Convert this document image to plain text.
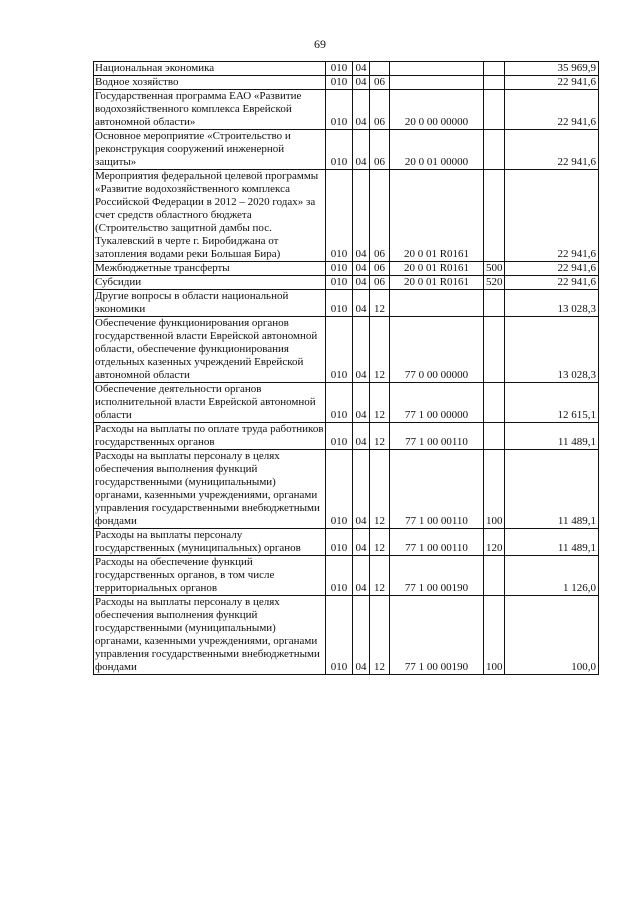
69
Национальная экономика	010	04				35 969,9
Водное хозяйство	010	04	06			22 941,6
Государственная программа ЕАО «Развитие водохозяйственного комплекса Еврейской автономной области»	010	04	06	20 0 00 00000		22 941,6
Основное мероприятие «Строительство и реконструкция сооружений инженерной защиты»	010	04	06	20 0 01 00000		22 941,6
Мероприятия федеральной целевой программы «Развитие водохозяйственного комплекса Российской Федерации в 2012 – 2020 годах» за счет средств областного бюджета (Строительство защитной дамбы пос. Тукалевский в черте г. Биробиджана от затопления водами реки Большая Бира)	010	04	06	20 0 01 R0161		22 941,6
Межбюджетные трансферты	010	04	06	20 0 01 R0161	500	22 941,6
Субсидии	010	04	06	20 0 01 R0161	520	22 941,6
Другие вопросы в области национальной экономики	010	04	12			13 028,3
Обеспечение функционирования органов государственной власти Еврейской автономной области, обеспечение функционирования отдельных казенных учреждений Еврейской автономной области	010	04	12	77 0 00 00000		13 028,3
Обеспечение деятельности органов исполнительной власти Еврейской автономной области	010	04	12	77 1 00 00000		12 615,1
Расходы на выплаты по оплате труда работников государственных органов	010	04	12	77 1 00 00110		11 489,1
Расходы на выплаты персоналу в целях обеспечения выполнения функций государственными (муниципальными) органами, казенными учреждениями, органами управления государственными внебюджетными фондами	010	04	12	77 1 00 00110	100	11 489,1
Расходы на выплаты персоналу государственных (муниципальных) органов	010	04	12	77 1 00 00110	120	11 489,1
Расходы на обеспечение функций государственных органов, в том числе территориальных органов	010	04	12	77 1 00 00190		1 126,0
Расходы на выплаты персоналу в целях обеспечения выполнения функций государственными (муниципальными) органами, казенными учреждениями, органами управления государственными внебюджетными фондами	010	04	12	77 1 00 00190	100	100,0
